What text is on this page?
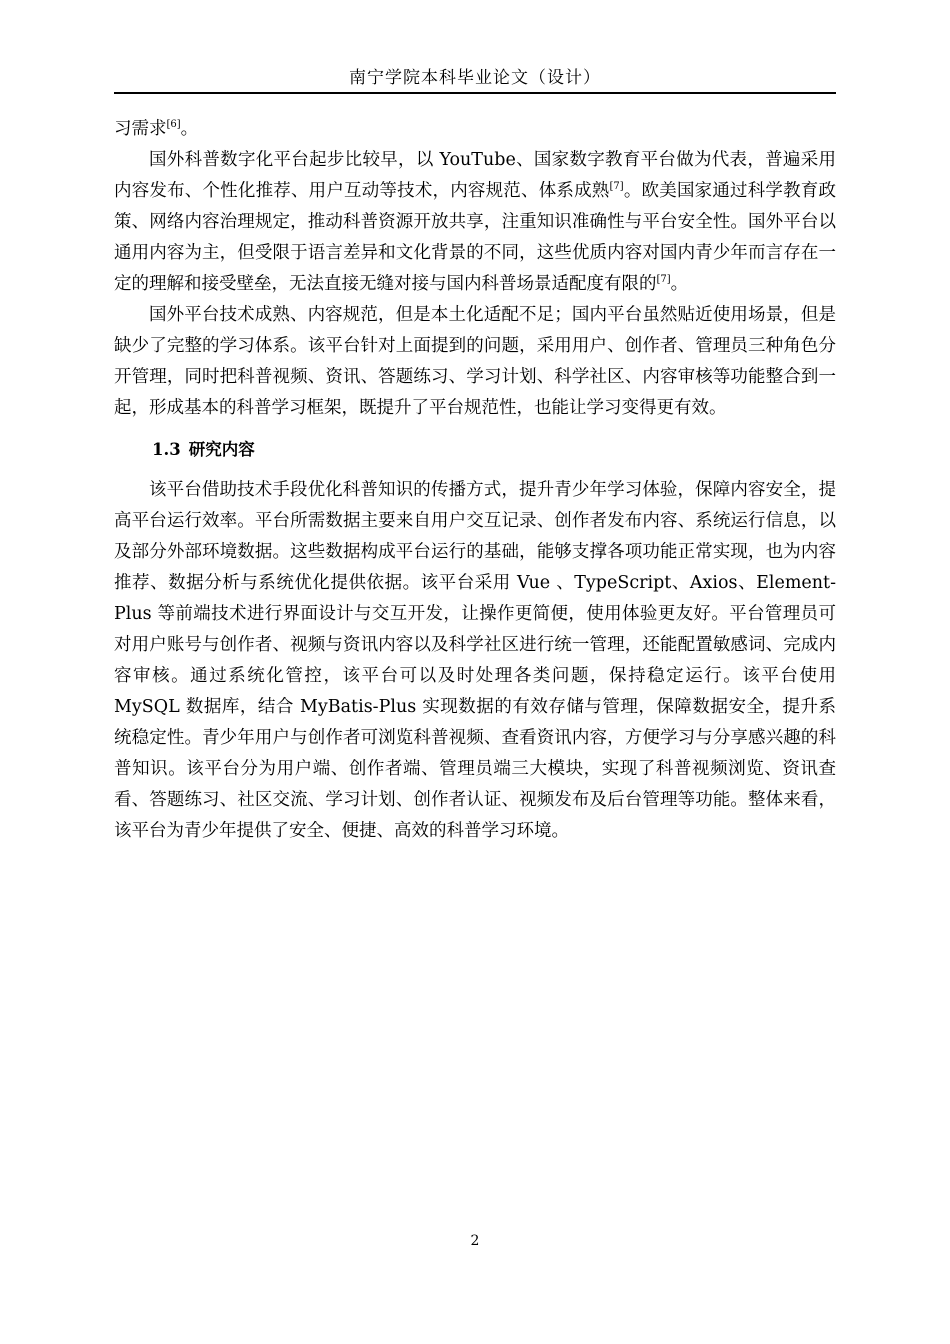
南宁学院本科毕业论文（设计）

习需求[6]。

国外科普数字化平台起步比较早，以 YouTube、国家数字教育平台做为代表，普遍采用内容发布、个性化推荐、用户互动等技术，内容规范、体系成熟[7]。欧美国家通过科学教育政策、网络内容治理规定，推动科普资源开放共享，注重知识准确性与平台安全性。国外平台以通用内容为主，但受限于语言差异和文化背景的不同，这些优质内容对国内青少年而言存在一定的理解和接受壁垒，无法直接无缝对接与国内科普场景适配度有限的[7]。

国外平台技术成熟、内容规范，但是本土化适配不足；国内平台虽然贴近使用场景，但是缺少了完整的学习体系。该平台针对上面提到的问题，采用用户、创作者、管理员三种角色分开管理，同时把科普视频、资讯、答题练习、学习计划、科学社区、内容审核等功能整合到一起，形成基本的科普学习框架，既提升了平台规范性，也能让学习变得更有效。

1.3 研究内容

该平台借助技术手段优化科普知识的传播方式，提升青少年学习体验，保障内容安全，提高平台运行效率。平台所需数据主要来自用户交互记录、创作者发布内容、系统运行信息，以及部分外部环境数据。这些数据构成平台运行的基础，能够支撑各项功能正常实现，也为内容推荐、数据分析与系统优化提供依据。该平台采用 Vue 、TypeScript、Axios、Element-Plus 等前端技术进行界面设计与交互开发，让操作更简便，使用体验更友好。平台管理员可对用户账号与创作者、视频与资讯内容以及科学社区进行统一管理，还能配置敏感词、完成内容审核。通过系统化管控，该平台可以及时处理各类问题，保持稳定运行。该平台使用 MySQL 数据库，结合 MyBatis-Plus 实现数据的有效存储与管理，保障数据安全，提升系统稳定性。青少年用户与创作者可浏览科普视频、查看资讯内容，方便学习与分享感兴趣的科普知识。该平台分为用户端、创作者端、管理员端三大模块，实现了科普视频浏览、资讯查看、答题练习、社区交流、学习计划、创作者认证、视频发布及后台管理等功能。整体来看，该平台为青少年提供了安全、便捷、高效的科普学习环境。

2
